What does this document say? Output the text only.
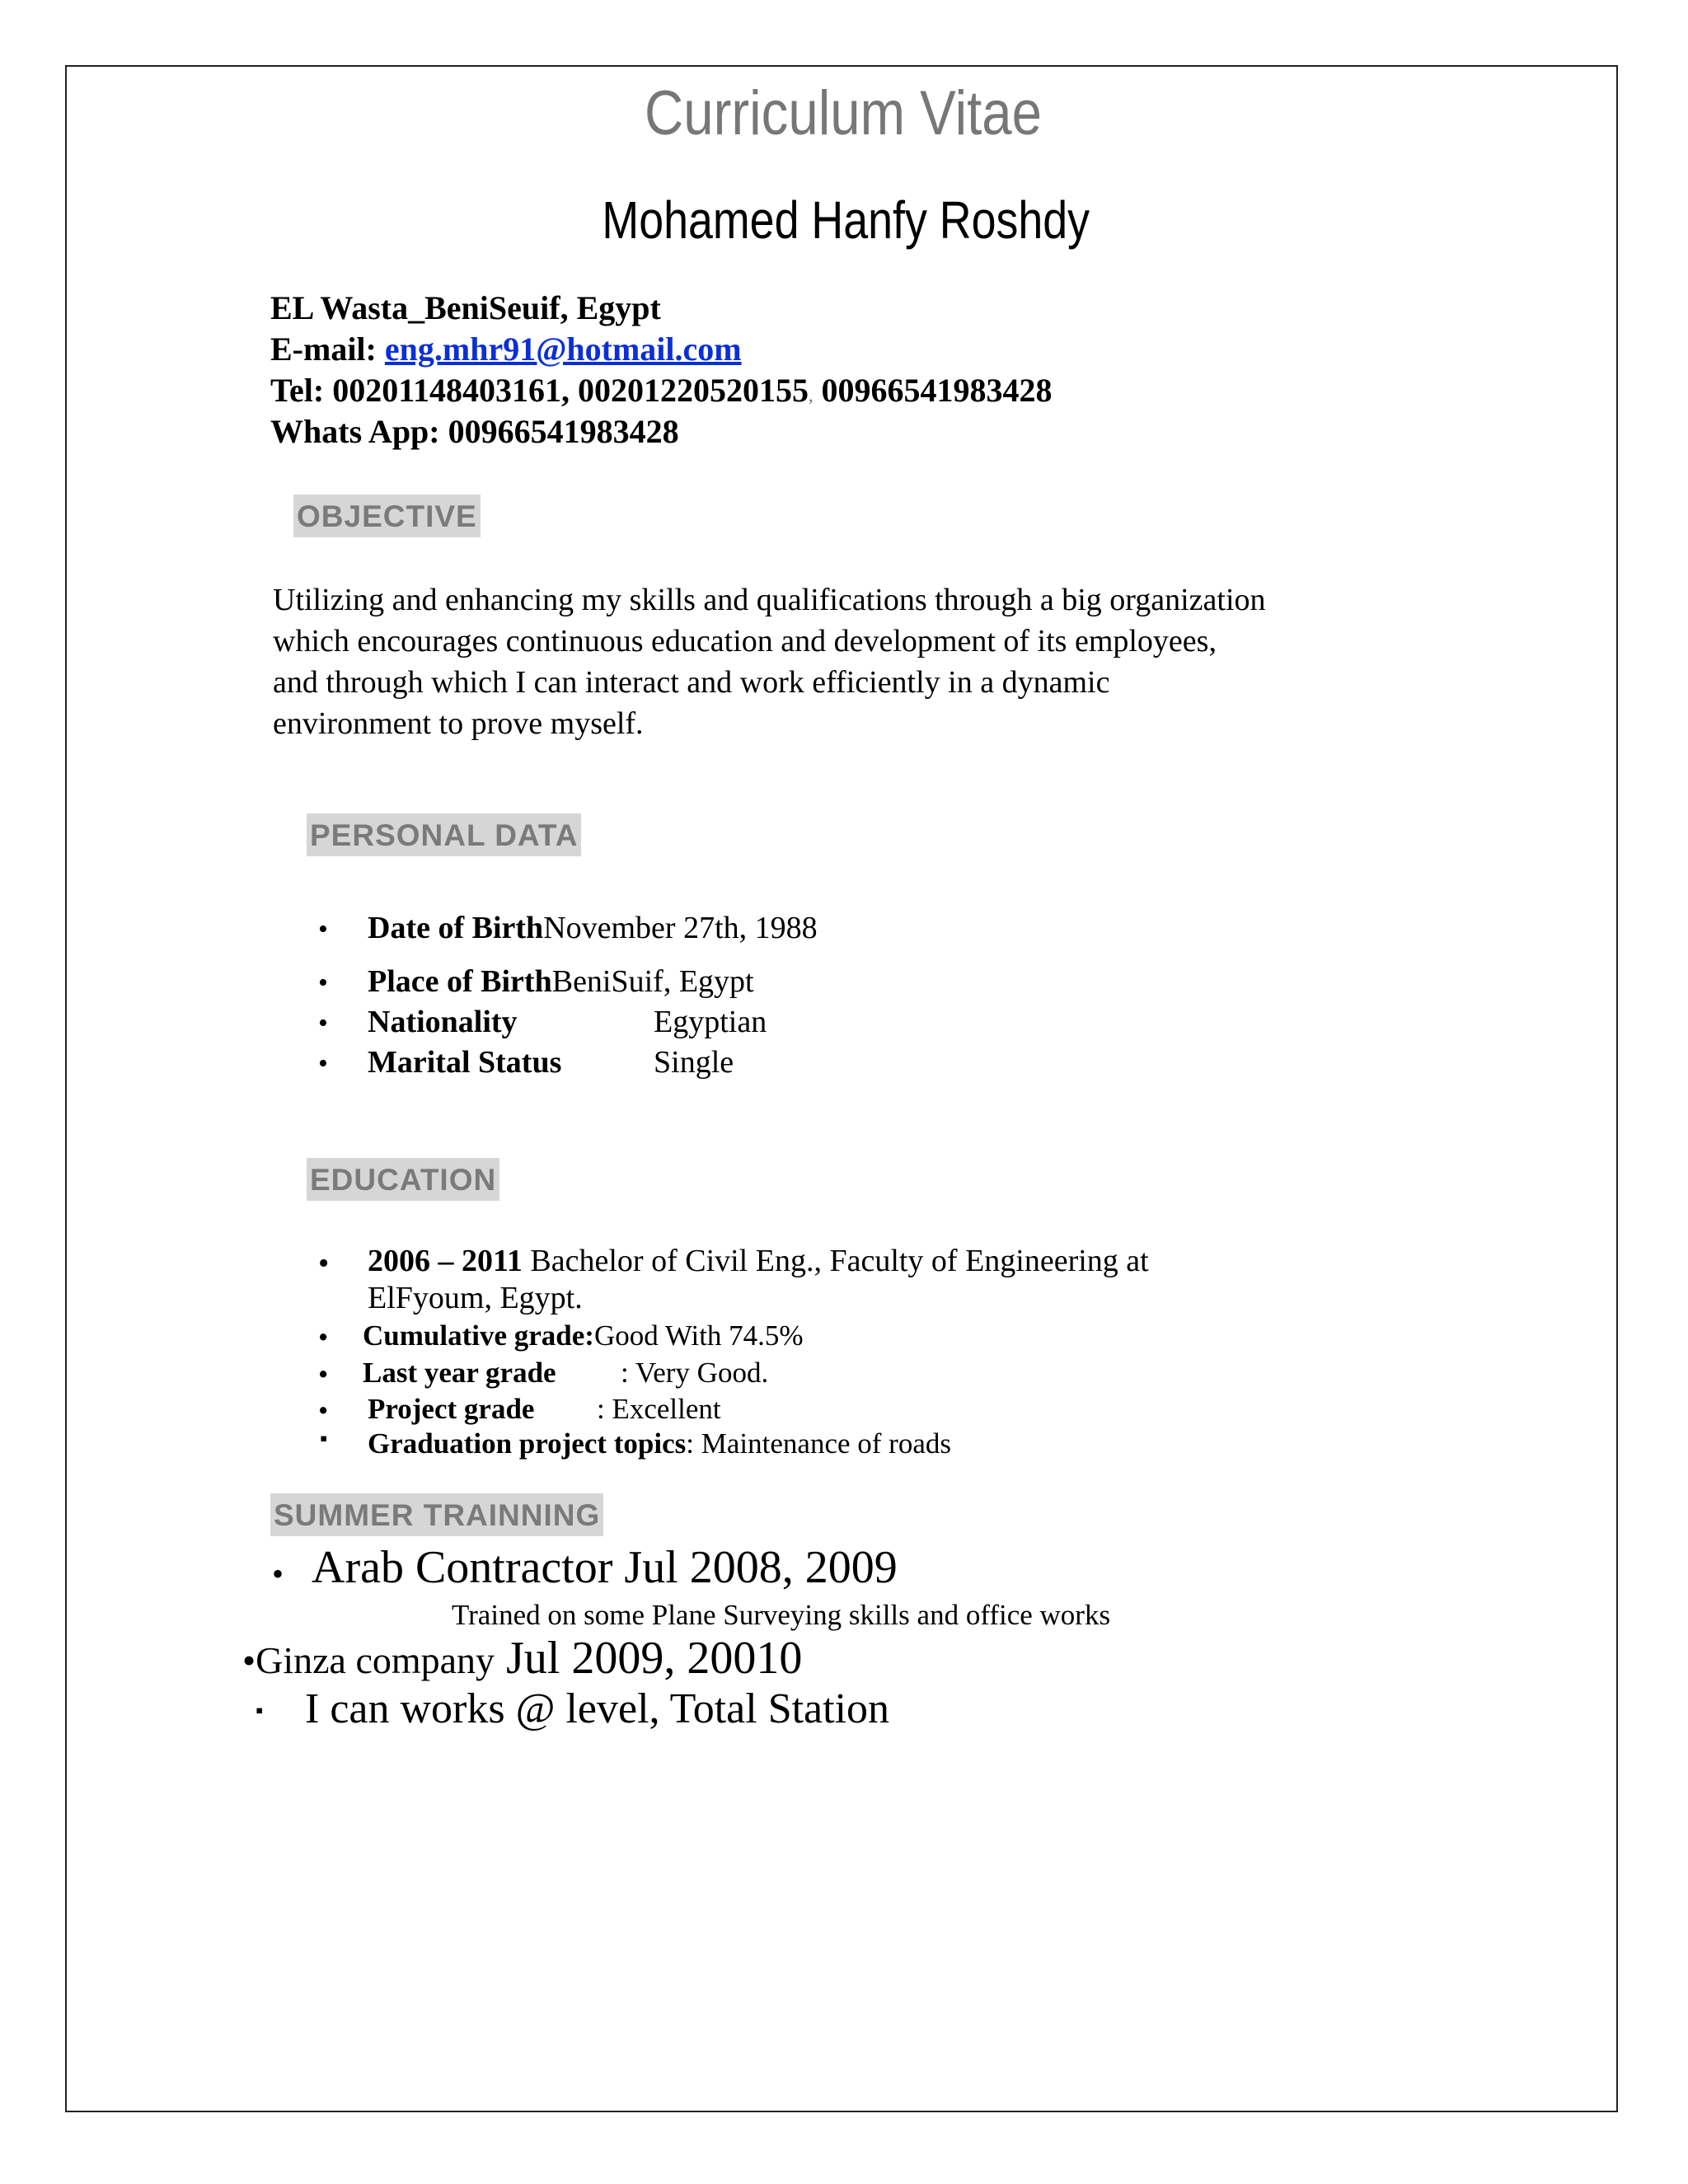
Curriculum Vitae
Mohamed Hanfy Roshdy
EL Wasta_BeniSeuif, Egypt
E-mail: eng.mhr91@hotmail.com
Tel: 00201148403161, 00201220520155, 00966541983428
Whats App: 00966541983428
OBJECTIVE
Utilizing and enhancing my skills and qualifications through a big organization
which encourages continuous education and development of its employees,
and through which I can interact and work efficiently in a dynamic
environment to prove myself.
PERSONAL DATA
• Date of BirthNovember 27th, 1988
• Place of BirthBeniSuif, Egypt
• Nationality	Egyptian
• Marital Status	Single
EDUCATION
• 2006 – 2011 Bachelor of Civil Eng., Faculty of Engineering at
ElFyoum, Egypt.
• Cumulative grade:Good With 74.5%
• Last year grade : Very Good.
• Project grade : Excellent
▪ Graduation project topics: Maintenance of roads
SUMMER TRAINNING
• Arab Contractor Jul 2008, 2009
Trained on some Plane Surveying skills and office works
•Ginza company Jul 2009, 20010
▪ I can works @ level, Total Station
